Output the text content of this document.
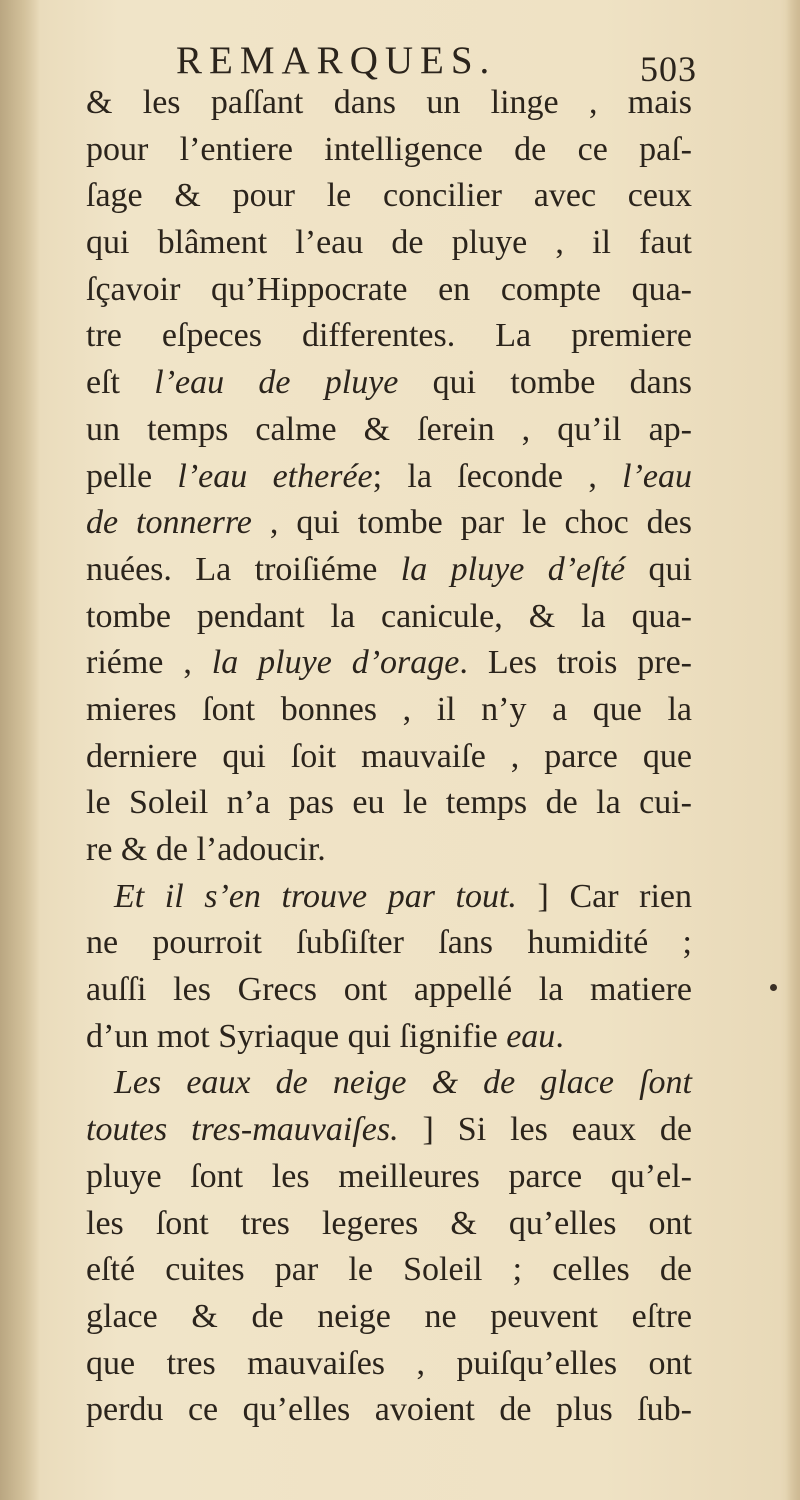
REMARQUES.	503
& les paſſant dans un linge , mais
pour l’entiere intelligence de ce paſ-
ſage & pour le concilier avec ceux
qui blâment l’eau de pluye , il faut
ſçavoir qu’Hippocrate en compte qua-
tre eſpeces differentes. La premiere
eſt l’eau de pluye qui tombe dans
un temps calme & ſerein , qu’il ap-
pelle l’eau etherée; la ſeconde , l’eau
de tonnerre , qui tombe par le choc des
nuées. La troiſiéme la pluye d’eſté qui
tombe pendant la canicule, & la qua-
riéme , la pluye d’orage. Les trois pre-
mieres ſont bonnes , il n’y a que la
derniere qui ſoit mauvaiſe , parce que
le Soleil n’a pas eu le temps de la cui-
re & de l’adoucir.
Et il s’en trouve par tout. ] Car rien
ne pourroit ſubſiſter ſans humidité ;
auſſi les Grecs ont appellé la matiere
d’un mot Syriaque qui ſignifie eau.
Les eaux de neige & de glace ſont
toutes tres-mauvaiſes. ] Si les eaux de
pluye ſont les meilleures parce qu’el-
les ſont tres legeres & qu’elles ont
eſté cuites par le Soleil ; celles de
glace & de neige ne peuvent eſtre
que tres mauvaiſes , puiſqu’elles ont
perdu ce qu’elles avoient de plus ſub-
